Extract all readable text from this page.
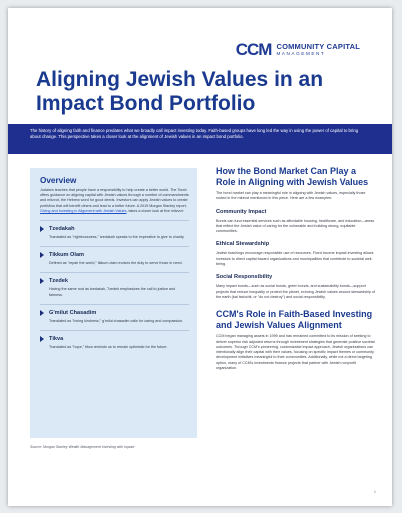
CCM COMMUNITY CAPITAL
MANAGEMENT
Aligning Jewish Values in an Impact Bond Portfolio

The history of aligning faith and finance predates what we broadly call impact investing today. Faith-based groups have long led the way in using the power of capital to bring about change. This perspective takes a closer look at the alignment of Jewish values in an impact bond portfolio.

Overview

Judaism teaches that people have a responsibility to help create a better world. The Torah offers guidance on aligning capital with Jewish values through a number of commandments and mitzvot, the Hebrew word for good deeds. Investors can apply Jewish values to create portfolios that will benefit others and lead to a better future. A 2019 Morgan Stanley report, Giving and Investing in Alignment with Jewish Values, takes a closer look at five mitzvot:

Tzedakah

Translated as "righteousness," tzedakah speaks to the imperative to give to charity.

Tikkum Olam

Defined as "repair the world," tikkum olam evokes the duty to serve those in need.

Tzedek

Having the same root as tzedakah, Tzedek emphasizes the call to justice and fairness.

G'milut Chasadim

Translated as "loving kindness," g'milut chasadim calls for caring and compassion.

Tikva

Translated as "hope," tikva reminds us to remain optimistic for the future.

Source: Morgan Stanley Wealth Management Investing with Impact
How the Bond Market Can Play a Role in Aligning with Jewish Values

The bond market can play a meaningful role in aligning with Jewish values, especially those rooted in the mitzvot mentioned in this piece. Here are a few examples:

Community Impact

Bonds can fund essential services such as affordable housing, healthcare, and education—areas that reflect the Jewish value of caring for the vulnerable and building strong, equitable communities.

Ethical Stewardship

Jewish teachings encourage responsible use of resources. Fixed income impact investing allows investors to direct capital toward organizations and municipalities that contribute to societal well-being.

Social Responsibility

Many impact bonds—such as social bonds, green bonds, and sustainability bonds—support projects that reduce inequality or protect the planet, echoing Jewish values around stewardship of the earth (bal tashchit, or "do not destroy") and social responsibility.

CCM's Role in Faith-Based Investing and Jewish Values Alignment

CCM began managing assets in 1999 and has remained committed to its mission of seeking to deliver superior risk adjusted returns through investment strategies that generate positive societal outcomes. Through CCM's pioneering, customizable impact approach, Jewish organizations can intentionally align their capital with their values, focusing on specific impact themes or community development initiatives meaningful to their communities. Additionally, while not a direct targeting option, many of CCM's investments finance projects that partner with Jewish nonprofit organization.

1
